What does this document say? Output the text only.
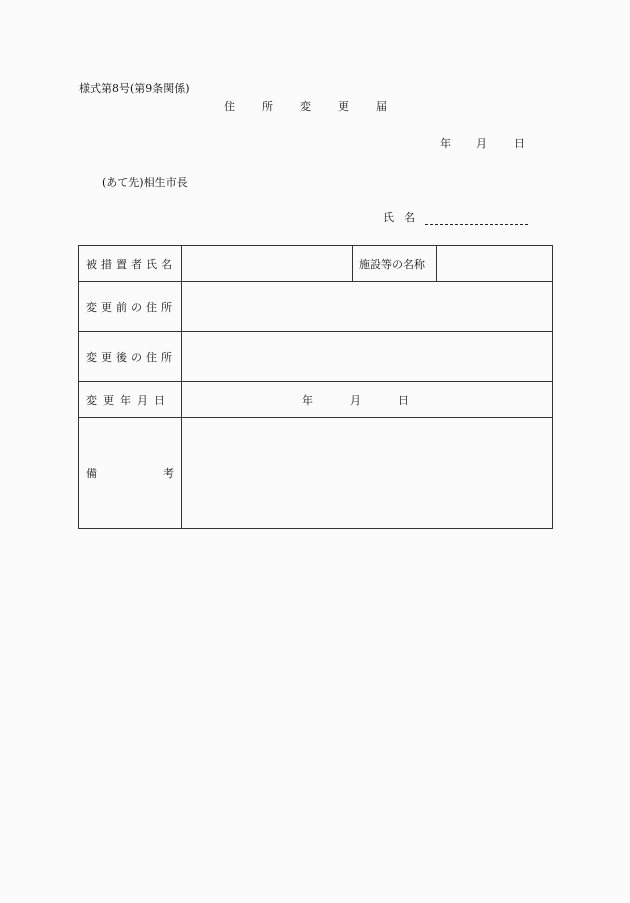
様式第8号(第9条関係)
住所変更届
年 月 日
(あて先)相生市長
氏名
被措置者氏名		施設等の名称	
変更前の住所			
変更後の住所			
変更年月日	年 月 日		

備 考			
